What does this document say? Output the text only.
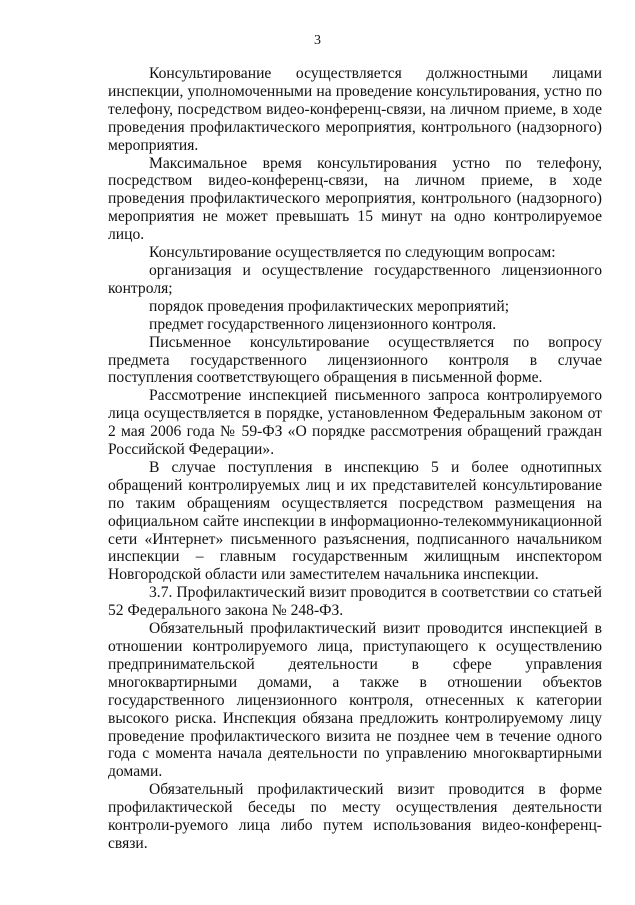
3

Консультирование осуществляется должностными лицами инспекции, уполномоченными на проведение консультирования, устно по телефону, посредством видео-конференц-связи, на личном приеме, в ходе проведения профилактического мероприятия, контрольного (надзорного) мероприятия.

Максимальное время консультирования устно по телефону, посредством видео-конференц-связи, на личном приеме, в ходе проведения профилактического мероприятия, контрольного (надзорного) мероприятия не может превышать 15 минут на одно контролируемое лицо.

Консультирование осуществляется по следующим вопросам:

организация и осуществление государственного лицензионного контроля;

порядок проведения профилактических мероприятий;

предмет государственного лицензионного контроля.

Письменное консультирование осуществляется по вопросу предмета государственного лицензионного контроля в случае поступления соответствующего обращения в письменной форме.

Рассмотрение инспекцией письменного запроса контролируемого лица осуществляется в порядке, установленном Федеральным законом от 2 мая 2006 года № 59-ФЗ «О порядке рассмотрения обращений граждан Российской Федерации».

В случае поступления в инспекцию 5 и более однотипных обращений контролируемых лиц и их представителей консультирование по таким обращениям осуществляется посредством размещения на официальном сайте инспекции в информационно-телекоммуникационной сети «Интернет» письменного разъяснения, подписанного начальником инспекции – главным государственным жилищным инспектором Новгородской области или заместителем начальника инспекции.

3.7. Профилактический визит проводится в соответствии со статьей 52 Федерального закона № 248-ФЗ.

Обязательный профилактический визит проводится инспекцией в отношении контролируемого лица, приступающего к осуществлению предпринимательской деятельности в сфере управления многоквартирными домами, а также в отношении объектов государственного лицензионного контроля, отнесенных к категории высокого риска. Инспекция обязана предложить контролируемому лицу проведение профилактического визита не позднее чем в течение одного года с момента начала деятельности по управлению многоквартирными домами.

Обязательный профилактический визит проводится в форме профилактической беседы по месту осуществления деятельности контроли-руемого лица либо путем использования видео-конференц-связи.
